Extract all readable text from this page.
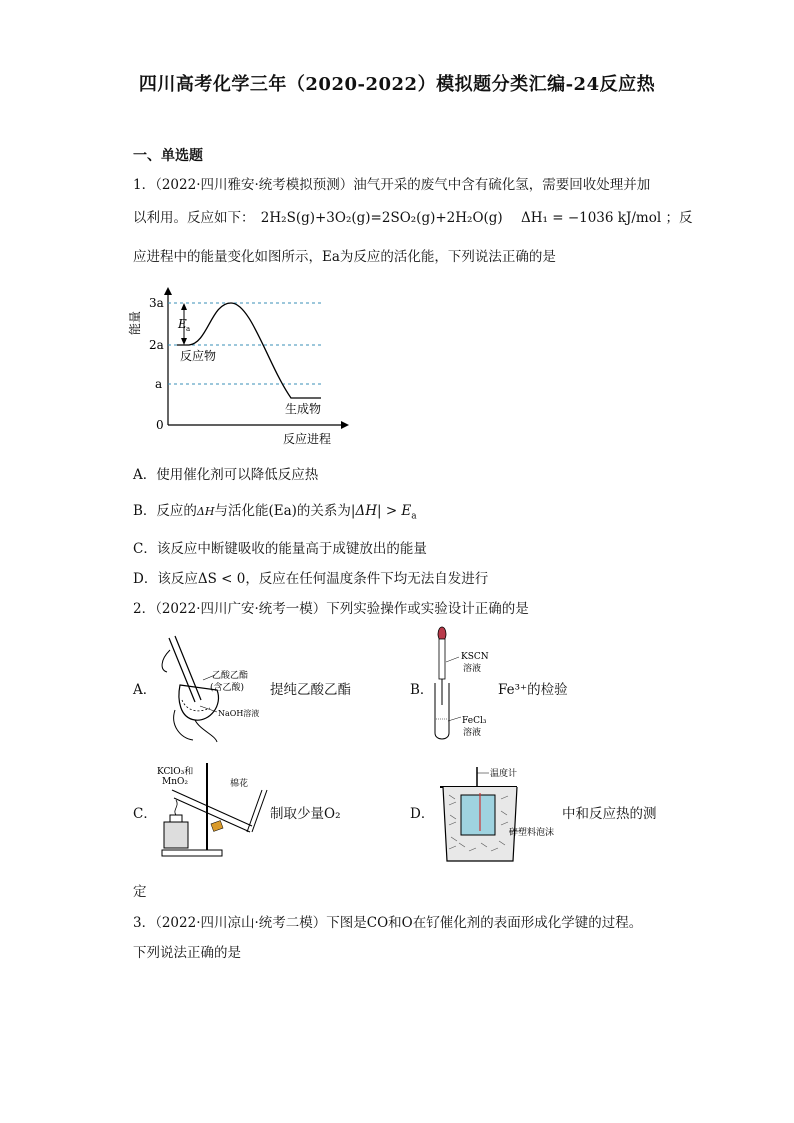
四川高考化学三年（2020-2022）模拟题分类汇编-24反应热
一、单选题
1．（2022·四川雅安·统考模拟预测）油气开采的废气中含有硫化氢，需要回收处理并加
以利用。反应如下： 2H₂S(g)+3O₂(g)=2SO₂(g)+2H₂O(g) ΔH₁ = −1036 kJ/mol ；反
应进程中的能量变化如图所示，Ea为反应的活化能，下列说法正确的是
E a
3a
2a
a
0
能量
反应物
生成物
反应进程
A．使用催化剂可以降低反应热
B．反应的ΔH与活化能(Ea)的关系为$|\Delta H| > E_a$
C．该反应中断键吸收的能量高于成键放出的能量
D．该反应ΔS < 0，反应在任何温度条件下均无法自发进行
2．（2022·四川广安·统考一模）下列实验操作或实验设计正确的是
A．
乙酸乙酯
(含乙酸)
NaOH溶液
提纯乙酸乙酯	B．
KSCN
溶液
FeCl₃
溶液
Fe³⁺的检验
C．
KClO₃和
MnO₂	棉花
制取少量O₂	D．
温度计
碎塑料泡沫
中和反应热的测
定
3．（2022·四川凉山·统考二模）下图是CO和O在钌催化剂的表面形成化学键的过程。
下列说法正确的是
